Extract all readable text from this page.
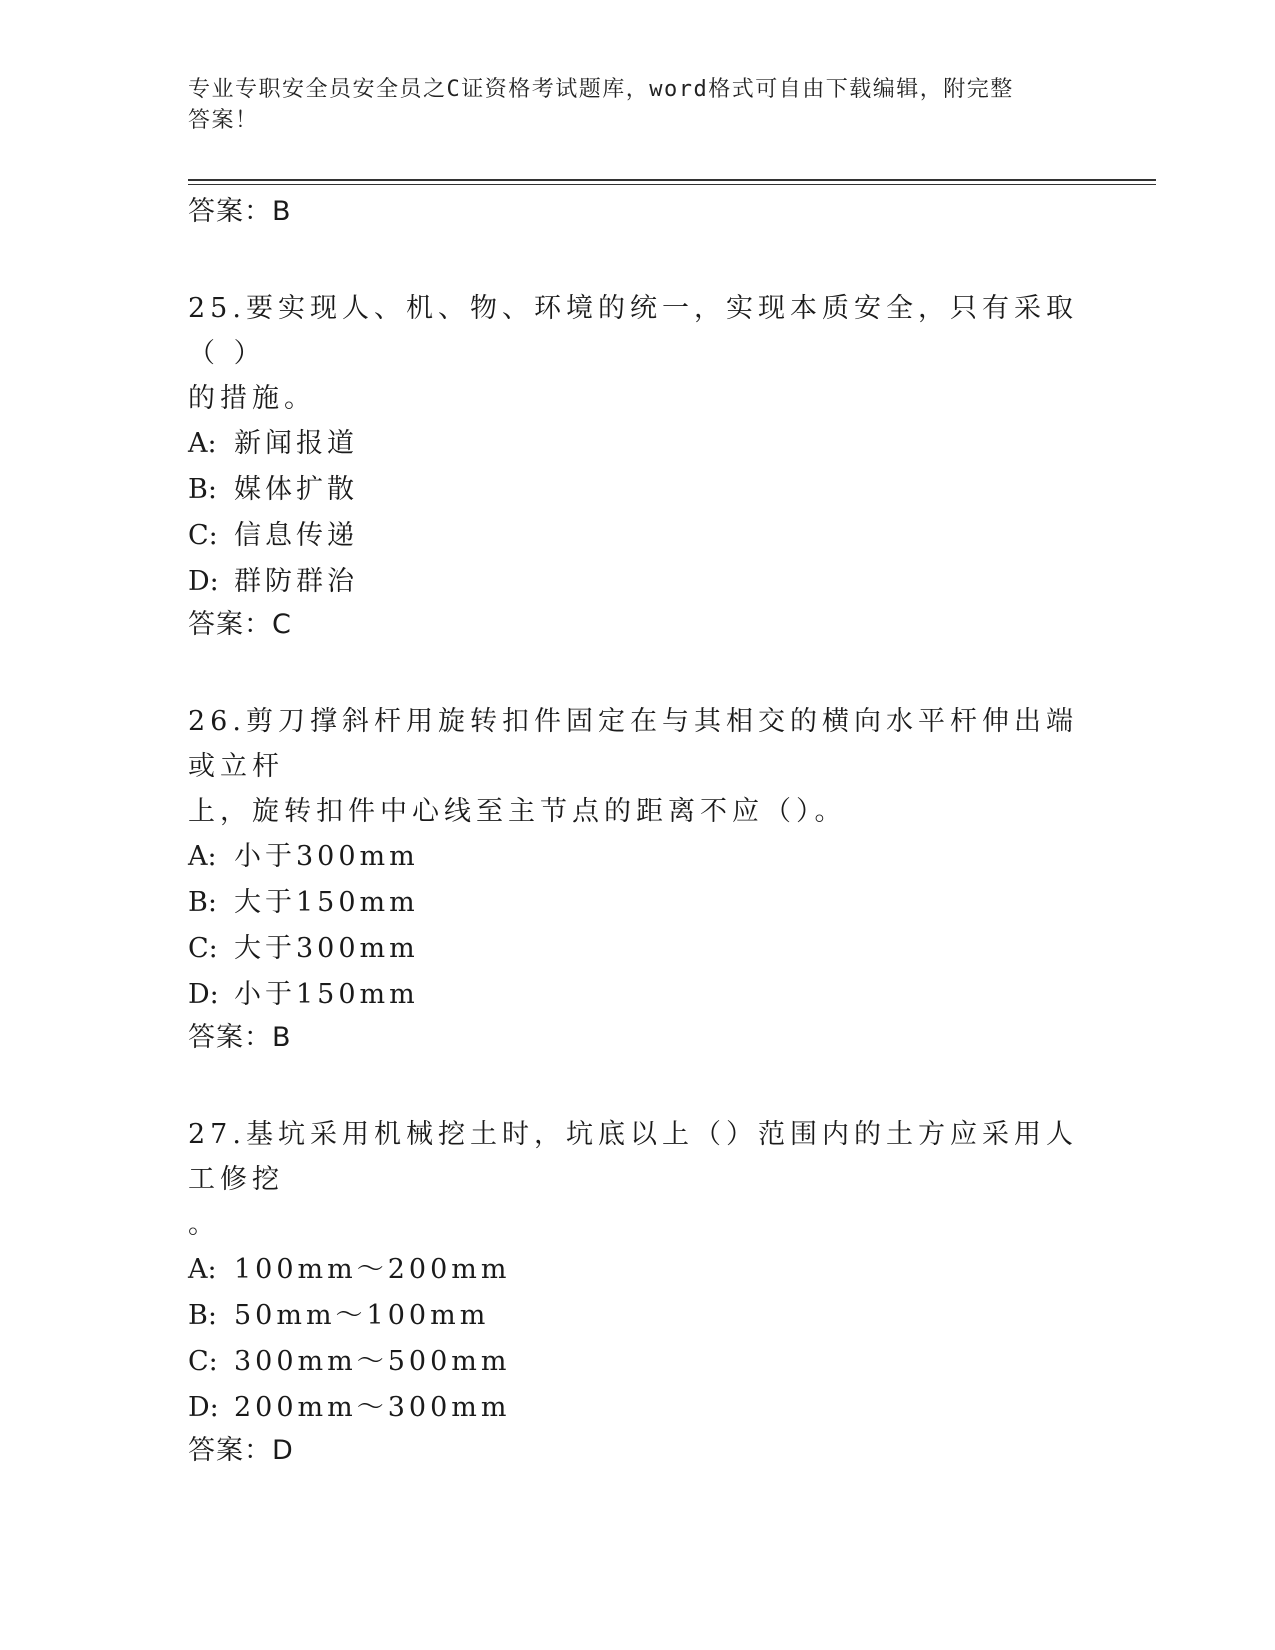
专业专职安全员安全员之C证资格考试题库，word格式可自由下载编辑，附完整
答案！
答案：B
25.要实现人、机、物、环境的统一，实现本质安全，只有采取（ ）
的措施。
A: 新闻报道
B: 媒体扩散
C: 信息传递
D: 群防群治
答案：C
26.剪刀撑斜杆用旋转扣件固定在与其相交的横向水平杆伸出端或立杆
上，旋转扣件中心线至主节点的距离不应（）。
A: 小于300mm
B: 大于150mm
C: 大于300mm
D: 小于150mm
答案：B
27.基坑采用机械挖土时，坑底以上（）范围内的土方应采用人工修挖
。
A: 100mm～200mm
B: 50mm～100mm
C: 300mm～500mm
D: 200mm～300mm
答案：D
